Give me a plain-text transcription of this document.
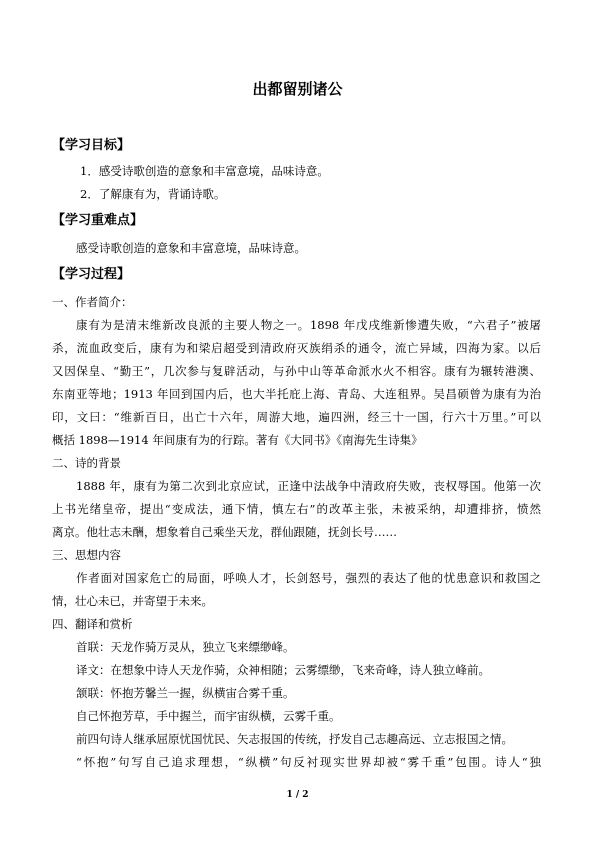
出都留别诸公
【学习目标】
1．感受诗歌创造的意象和丰富意境，品味诗意。
2．了解康有为，背诵诗歌。
【学习重难点】
感受诗歌创造的意象和丰富意境，品味诗意。
【学习过程】
一、作者简介：
康有为是清末维新改良派的主要人物之一。1898 年戊戌维新惨遭失败，“六君子”被屠
杀，流血政变后，康有为和梁启超受到清政府灭族绢杀的通令，流亡异域，四海为家。以后
又因保皇、“勤王”，几次参与复辟活动，与孙中山等革命派水火不相容。康有为辗转港澳、
东南亚等地；1913 年回到国内后，也大半托庇上海、青岛、大连租界。吴昌硕曾为康有为治
印，文曰：“维新百日，出亡十六年，周游大地，遍四洲，经三十一国，行六十万里。”可以
概括 1898—1914 年间康有为的行踪。著有《大同书》《南海先生诗集》
二、诗的背景
1888 年，康有为第二次到北京应试，正逢中法战争中清政府失败，丧权辱国。他第一次
上书光绪皇帝，提出“变成法，通下情，慎左右”的改革主张，未被采纳，却遭排挤，愤然
离京。他壮志未酬，想象着自己乘坐天龙，群仙跟随，抚剑长号……
三、思想内容
作者面对国家危亡的局面，呼唤人才，长剑怒号，强烈的表达了他的忧患意识和救国之
情，壮心未已，并寄望于未来。
四、翻译和赏析
首联：天龙作骑万灵从，独立飞来缥缈峰。
译文：在想象中诗人天龙作骑，众神相随；云雾缥缈，飞来奇峰，诗人独立峰前。
颔联：怀抱芳馨兰一握，纵横宙合雾千重。
自己怀抱芳草，手中握兰，而宇宙纵横，云雾千重。
前四句诗人继承屈原忧国忧民、矢志报国的传统，抒发自己志趣高远、立志报国之情。
“怀抱”句写自己追求理想，“纵横”句反衬现实世界却被“雾千重”包围。诗人“独
1 / 2
